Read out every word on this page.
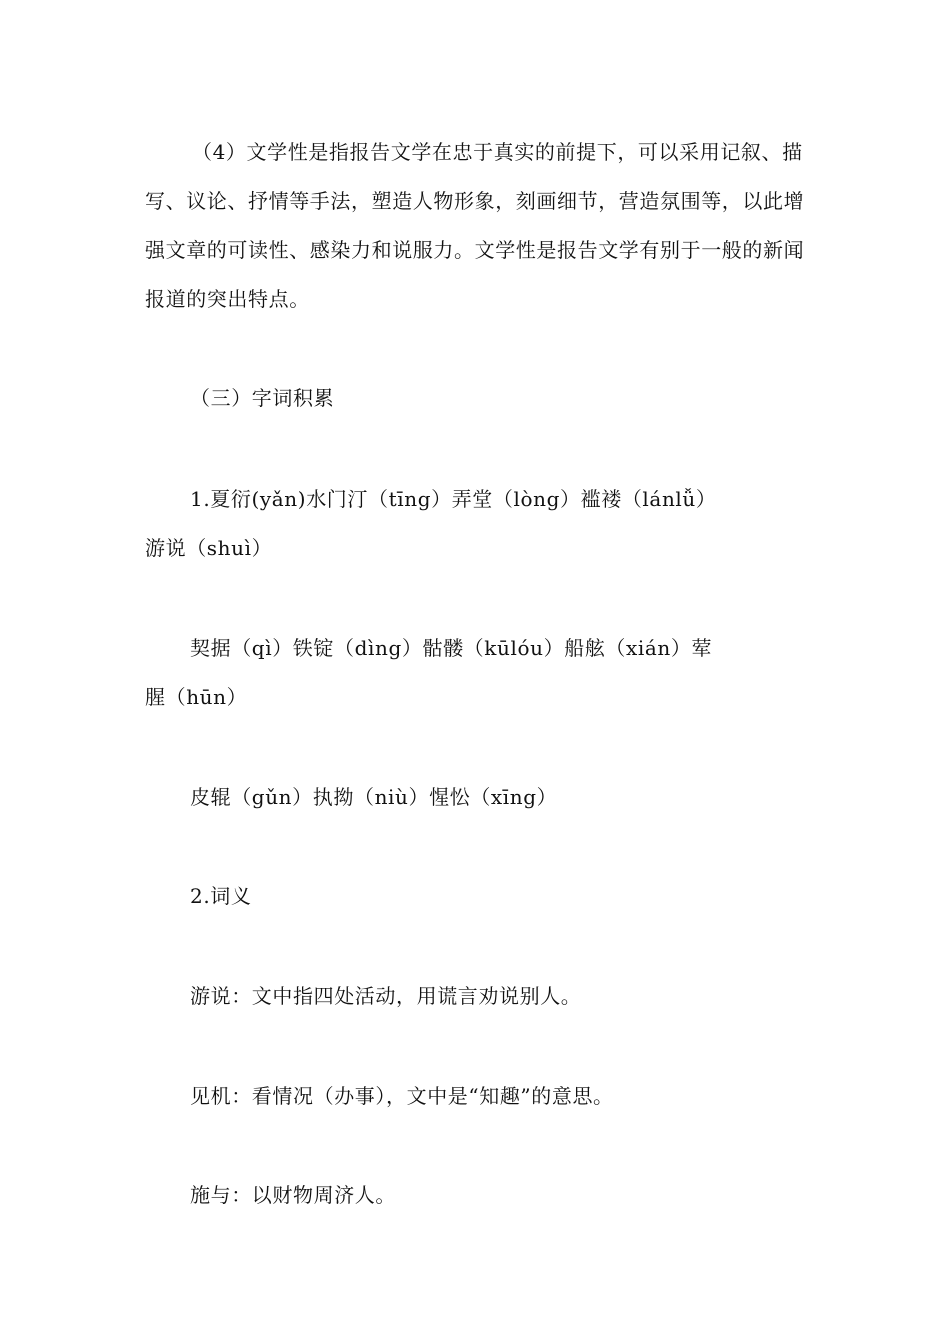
（4）文学性是指报告文学在忠于真实的前提下，可以采用记叙、描写、议论、抒情等手法，塑造人物形象，刻画细节，营造氛围等，以此增强文章的可读性、感染力和说服力。文学性是报告文学有别于一般的新闻报道的突出特点。
（三）字词积累
1.夏衍(yǎn)水门汀（tīng）弄堂（lòng）褴褛（lánlǚ）
游说（shuì）
契据（qì）铁锭（dìng）骷髅（kūlóu）船舷（xián）荤
腥（hūn）
皮辊（gǔn）执拗（niù）惺忪（xīng）
2.词义
游说：文中指四处活动，用谎言劝说别人。
见机：看情况（办事），文中是“知趣”的意思。
施与：以财物周济人。
